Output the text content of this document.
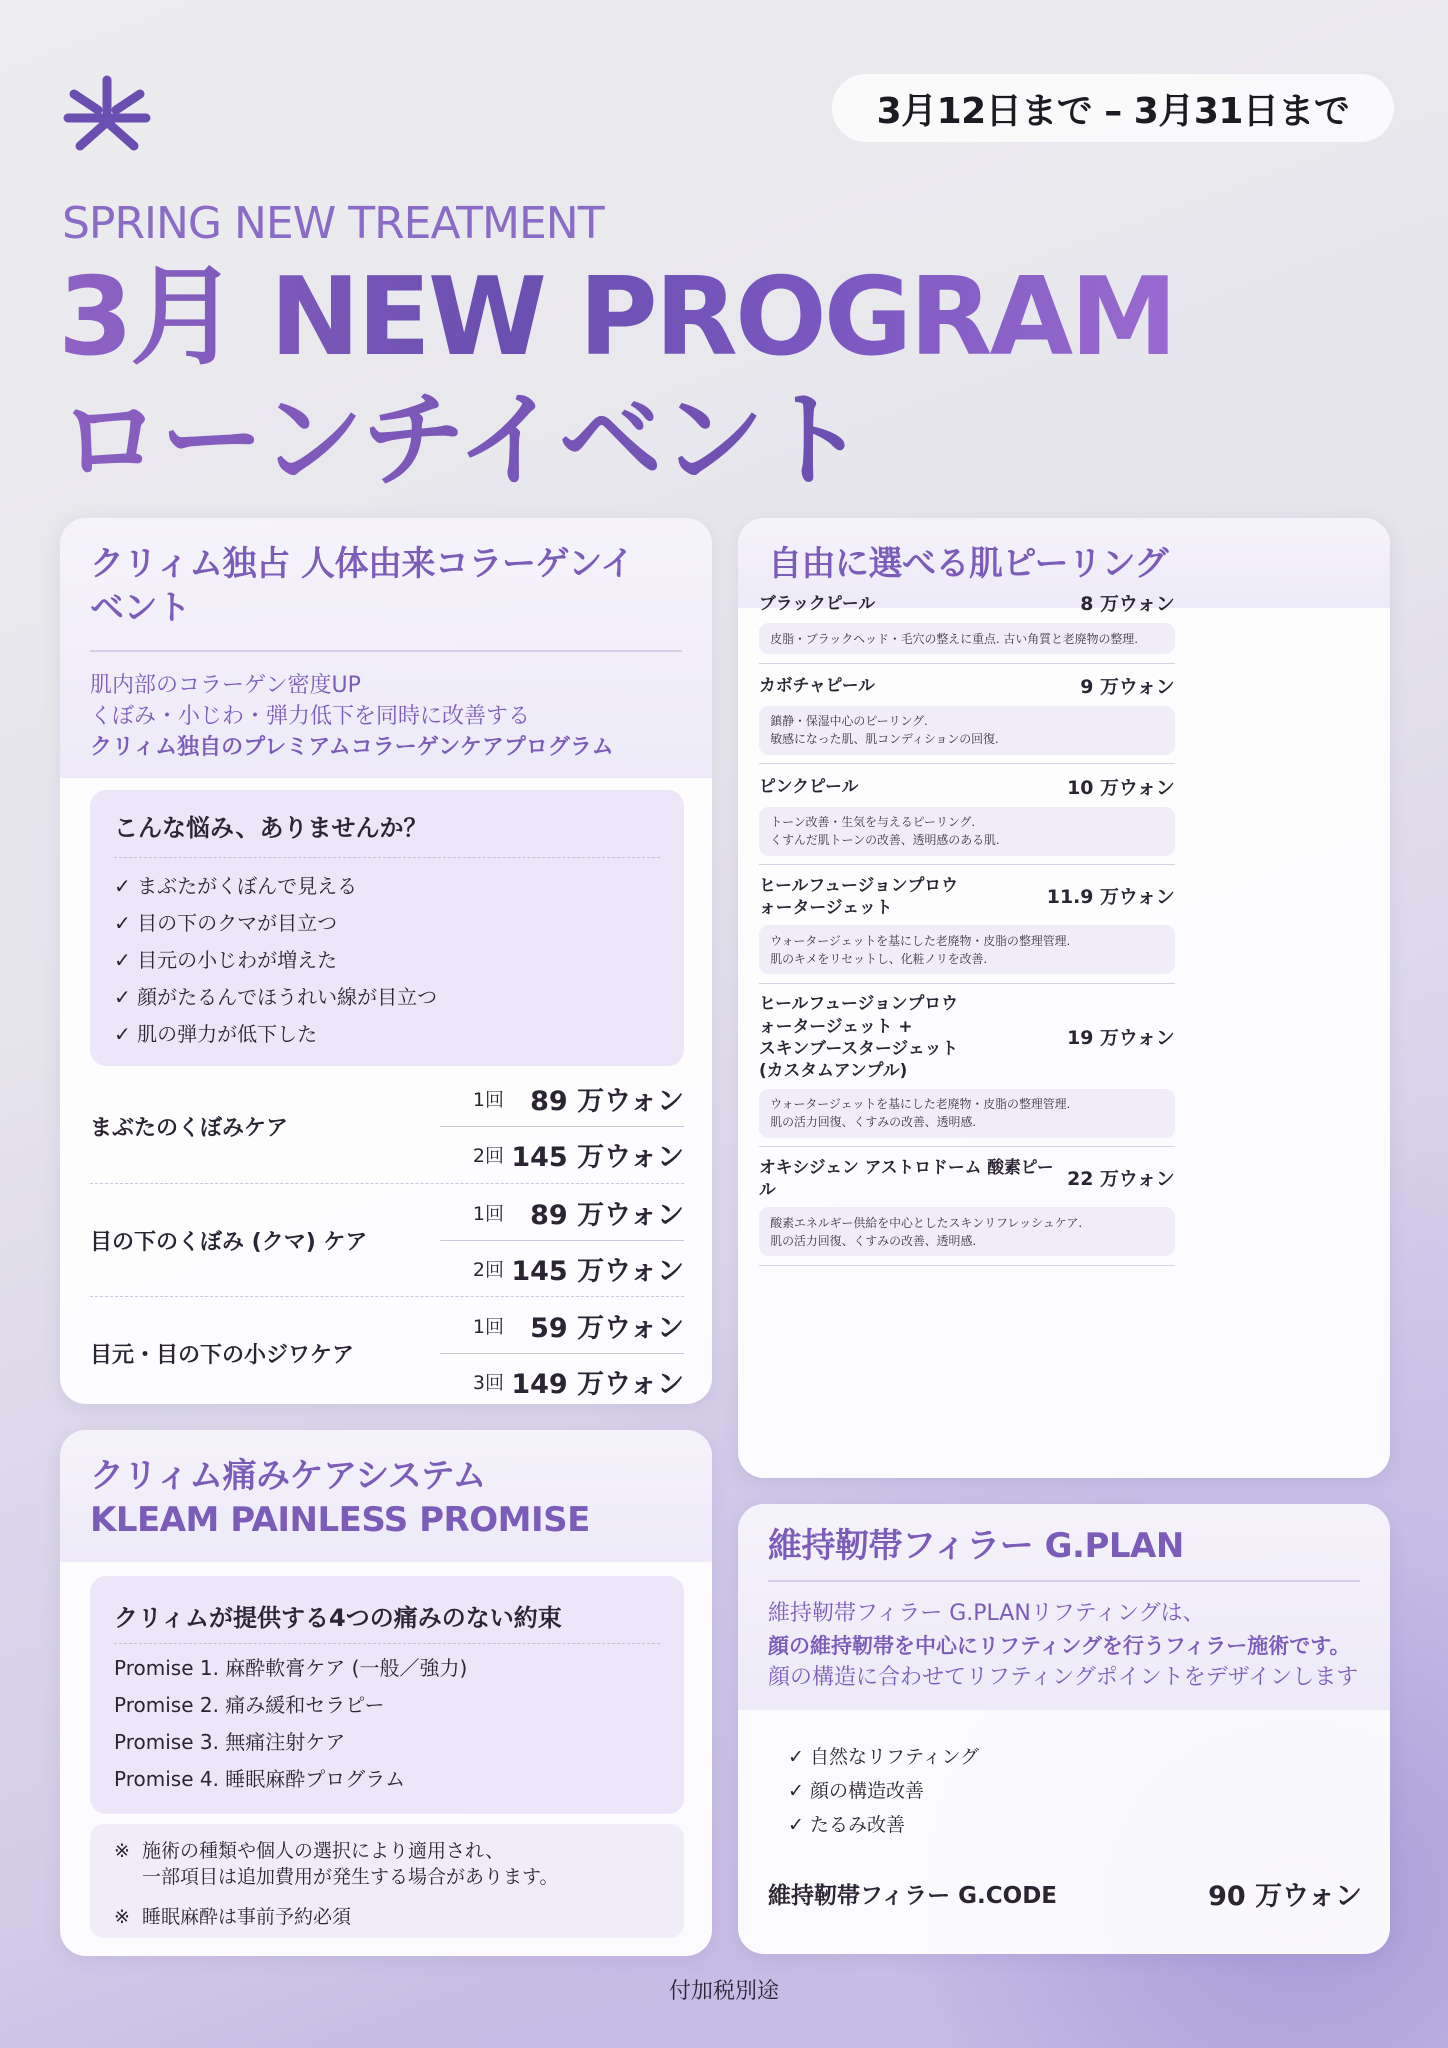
3月12日まで – 3月31日まで
SPRING NEW TREATMENT
3月 NEW PROGRAM
ローンチイベント
クリィム独占 人体由来コラーゲンイベント
肌内部のコラーゲン密度UP
くぼみ・小じわ・弾力低下を同時に改善する
クリィム独自のプレミアムコラーゲンケアプログラム
こんな悩み、ありませんか？
✓ まぶたがくぼんで見える
✓ 目の下のクマが目立つ
✓ 目元の小じわが増えた
✓ 顔がたるんでほうれい線が目立つ
✓ 肌の弾力が低下した
まぶたのくぼみケア
1回 89 万ウォン
2回 145 万ウォン
目の下のくぼみ (クマ) ケア
1回 89 万ウォン
2回 145 万ウォン
目元・目の下の小ジワケア
1回 59 万ウォン
3回 149 万ウォン
クリィム痛みケアシステム
KLEAM PAINLESS PROMISE
クリィムが提供する4つの痛みのない約束
Promise 1. 麻酔軟膏ケア (一般／強力)
Promise 2. 痛み緩和セラピー
Promise 3. 無痛注射ケア
Promise 4. 睡眠麻酔プログラム
※ 施術の種類や個人の選択により適用され、
一部項目は追加費用が発生する場合があります。
※ 睡眠麻酔は事前予約必須
自由に選べる肌ピーリング
ブラックピール	8 万ウォン
皮脂・ブラックヘッド・毛穴の整えに重点. 古い角質と老廃物の整理.
カボチャピール	9 万ウォン
鎮静・保湿中心のピーリング.
敏感になった肌、肌コンディションの回復.
ピンクピール	10 万ウォン
トーン改善・生気を与えるピーリング.
くすんだ肌トーンの改善、透明感のある肌.
ヒールフュージョンプロウ
ォータージェット	11.9 万ウォン
ウォータージェットを基にした老廃物・皮脂の整理管理.
肌のキメをリセットし、化粧ノリを改善.
ヒールフュージョンプロウ
ォータージェット +
スキンブースタージェット
(カスタムアンプル)
19 万ウォン
ウォータージェットを基にした老廃物・皮脂の整理管理.
肌の活力回復、くすみの改善、透明感.
オキシジェン アストロドーム 酸素ピール	22 万ウォン
酸素エネルギー供給を中心としたスキンリフレッシュケア.
肌の活力回復、くすみの改善、透明感.
維持靭帯フィラー G.PLAN
維持靭帯フィラー G.PLANリフティングは、
顔の維持靭帯を中心にリフティングを行うフィラー施術です。
顔の構造に合わせてリフティングポイントをデザインします
✓ 自然なリフティング
✓ 顔の構造改善
✓ たるみ改善
維持靭帯フィラー G.CODE	90 万ウォン
付加税別途
